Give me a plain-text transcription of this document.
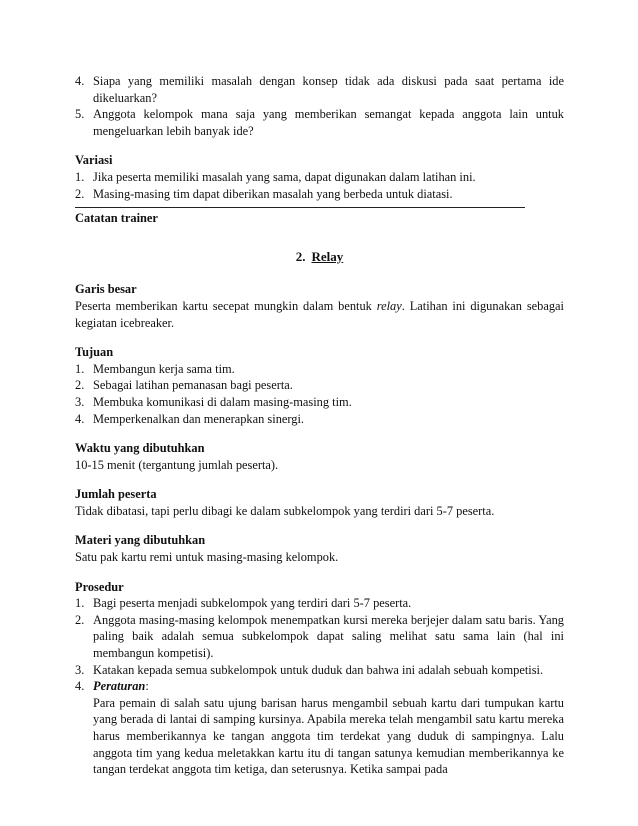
4. Siapa yang memiliki masalah dengan konsep tidak ada diskusi pada saat pertama ide dikeluarkan?
5. Anggota kelompok mana saja yang memberikan semangat kepada anggota lain untuk mengeluarkan lebih banyak ide?

Variasi

1. Jika peserta memiliki masalah yang sama, dapat digunakan dalam latihan ini.
2. Masing-masing tim dapat diberikan masalah yang berbeda untuk diatasi.

Catatan trainer

2. Relay

Garis besar

Peserta memberikan kartu secepat mungkin dalam bentuk relay. Latihan ini digunakan sebagai kegiatan icebreaker.

Tujuan

1. Membangun kerja sama tim.
2. Sebagai latihan pemanasan bagi peserta.
3. Membuka komunikasi di dalam masing-masing tim.
4. Memperkenalkan dan menerapkan sinergi.

Waktu yang dibutuhkan

10-15 menit (tergantung jumlah peserta).

Jumlah peserta

Tidak dibatasi, tapi perlu dibagi ke dalam subkelompok yang terdiri dari 5-7 peserta.

Materi yang dibutuhkan

Satu pak kartu remi untuk masing-masing kelompok.

Prosedur

1. Bagi peserta menjadi subkelompok yang terdiri dari 5-7 peserta.
2. Anggota masing-masing kelompok menempatkan kursi mereka berjejer dalam satu baris. Yang paling baik adalah semua subkelompok dapat saling melihat satu sama lain (hal ini membangun kompetisi).
3. Katakan kepada semua subkelompok untuk duduk dan bahwa ini adalah sebuah kompetisi.
4. Peraturan:

Para pemain di salah satu ujung barisan harus mengambil sebuah kartu dari tumpukan kartu yang berada di lantai di samping kursinya. Apabila mereka telah mengambil satu kartu mereka harus memberikannya ke tangan anggota tim terdekat yang duduk di sampingnya. Lalu anggota tim yang kedua meletakkan kartu itu di tangan satunya kemudian memberikannya ke tangan terdekat anggota tim ketiga, dan seterusnya. Ketika sampai pada
